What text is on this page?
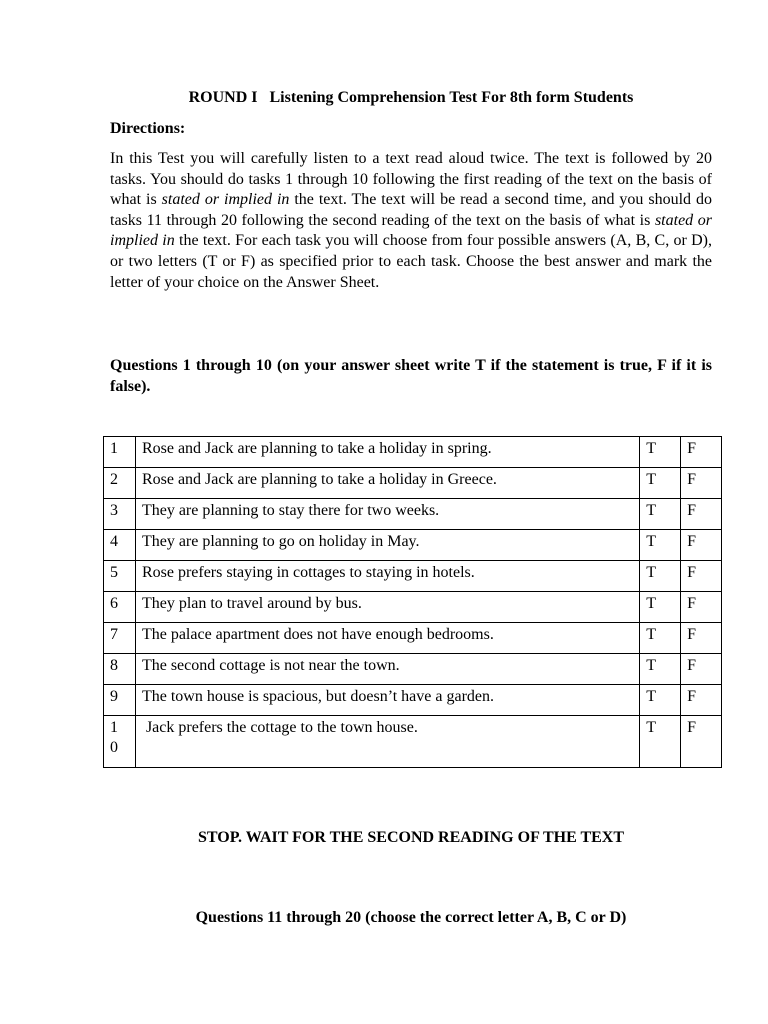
ROUND I   Listening Comprehension Test For 8th form Students
Directions:
In this Test you will carefully listen to a text read aloud twice. The text is followed by 20 tasks. You should do tasks 1 through 10 following the first reading of the text on the basis of what is stated or implied in the text. The text will be read a second time, and you should do tasks 11 through 20 following the second reading of the text on the basis of what is stated or implied in the text. For each task you will choose from four possible answers (A, B, C, or D), or two letters (T or F) as specified prior to each task. Choose the best answer and mark the letter of your choice on the Answer Sheet.
Questions 1 through 10 (on your answer sheet write T if the statement is true, F if it is false).
1	Rose and Jack are planning to take a holiday in spring.	T	F
2	Rose and Jack are planning to take a holiday in Greece.	T	F
3	They are planning to stay there for two weeks.	T	F
4	They are planning to go on holiday in May.	T	F
5	Rose prefers staying in cottages to staying in hotels.	T	F
6	They plan to travel around by bus.	T	F
7	The palace apartment does not have enough bedrooms.	T	F
8	The second cottage is not near the town.	T	F
9	The town house is spacious, but doesn’t have a garden.	T	F

10	Jack prefers the cottage to the town house.	T	F
STOP. WAIT FOR THE SECOND READING OF THE TEXT
Questions 11 through 20 (choose the correct letter A, B, C or D)
